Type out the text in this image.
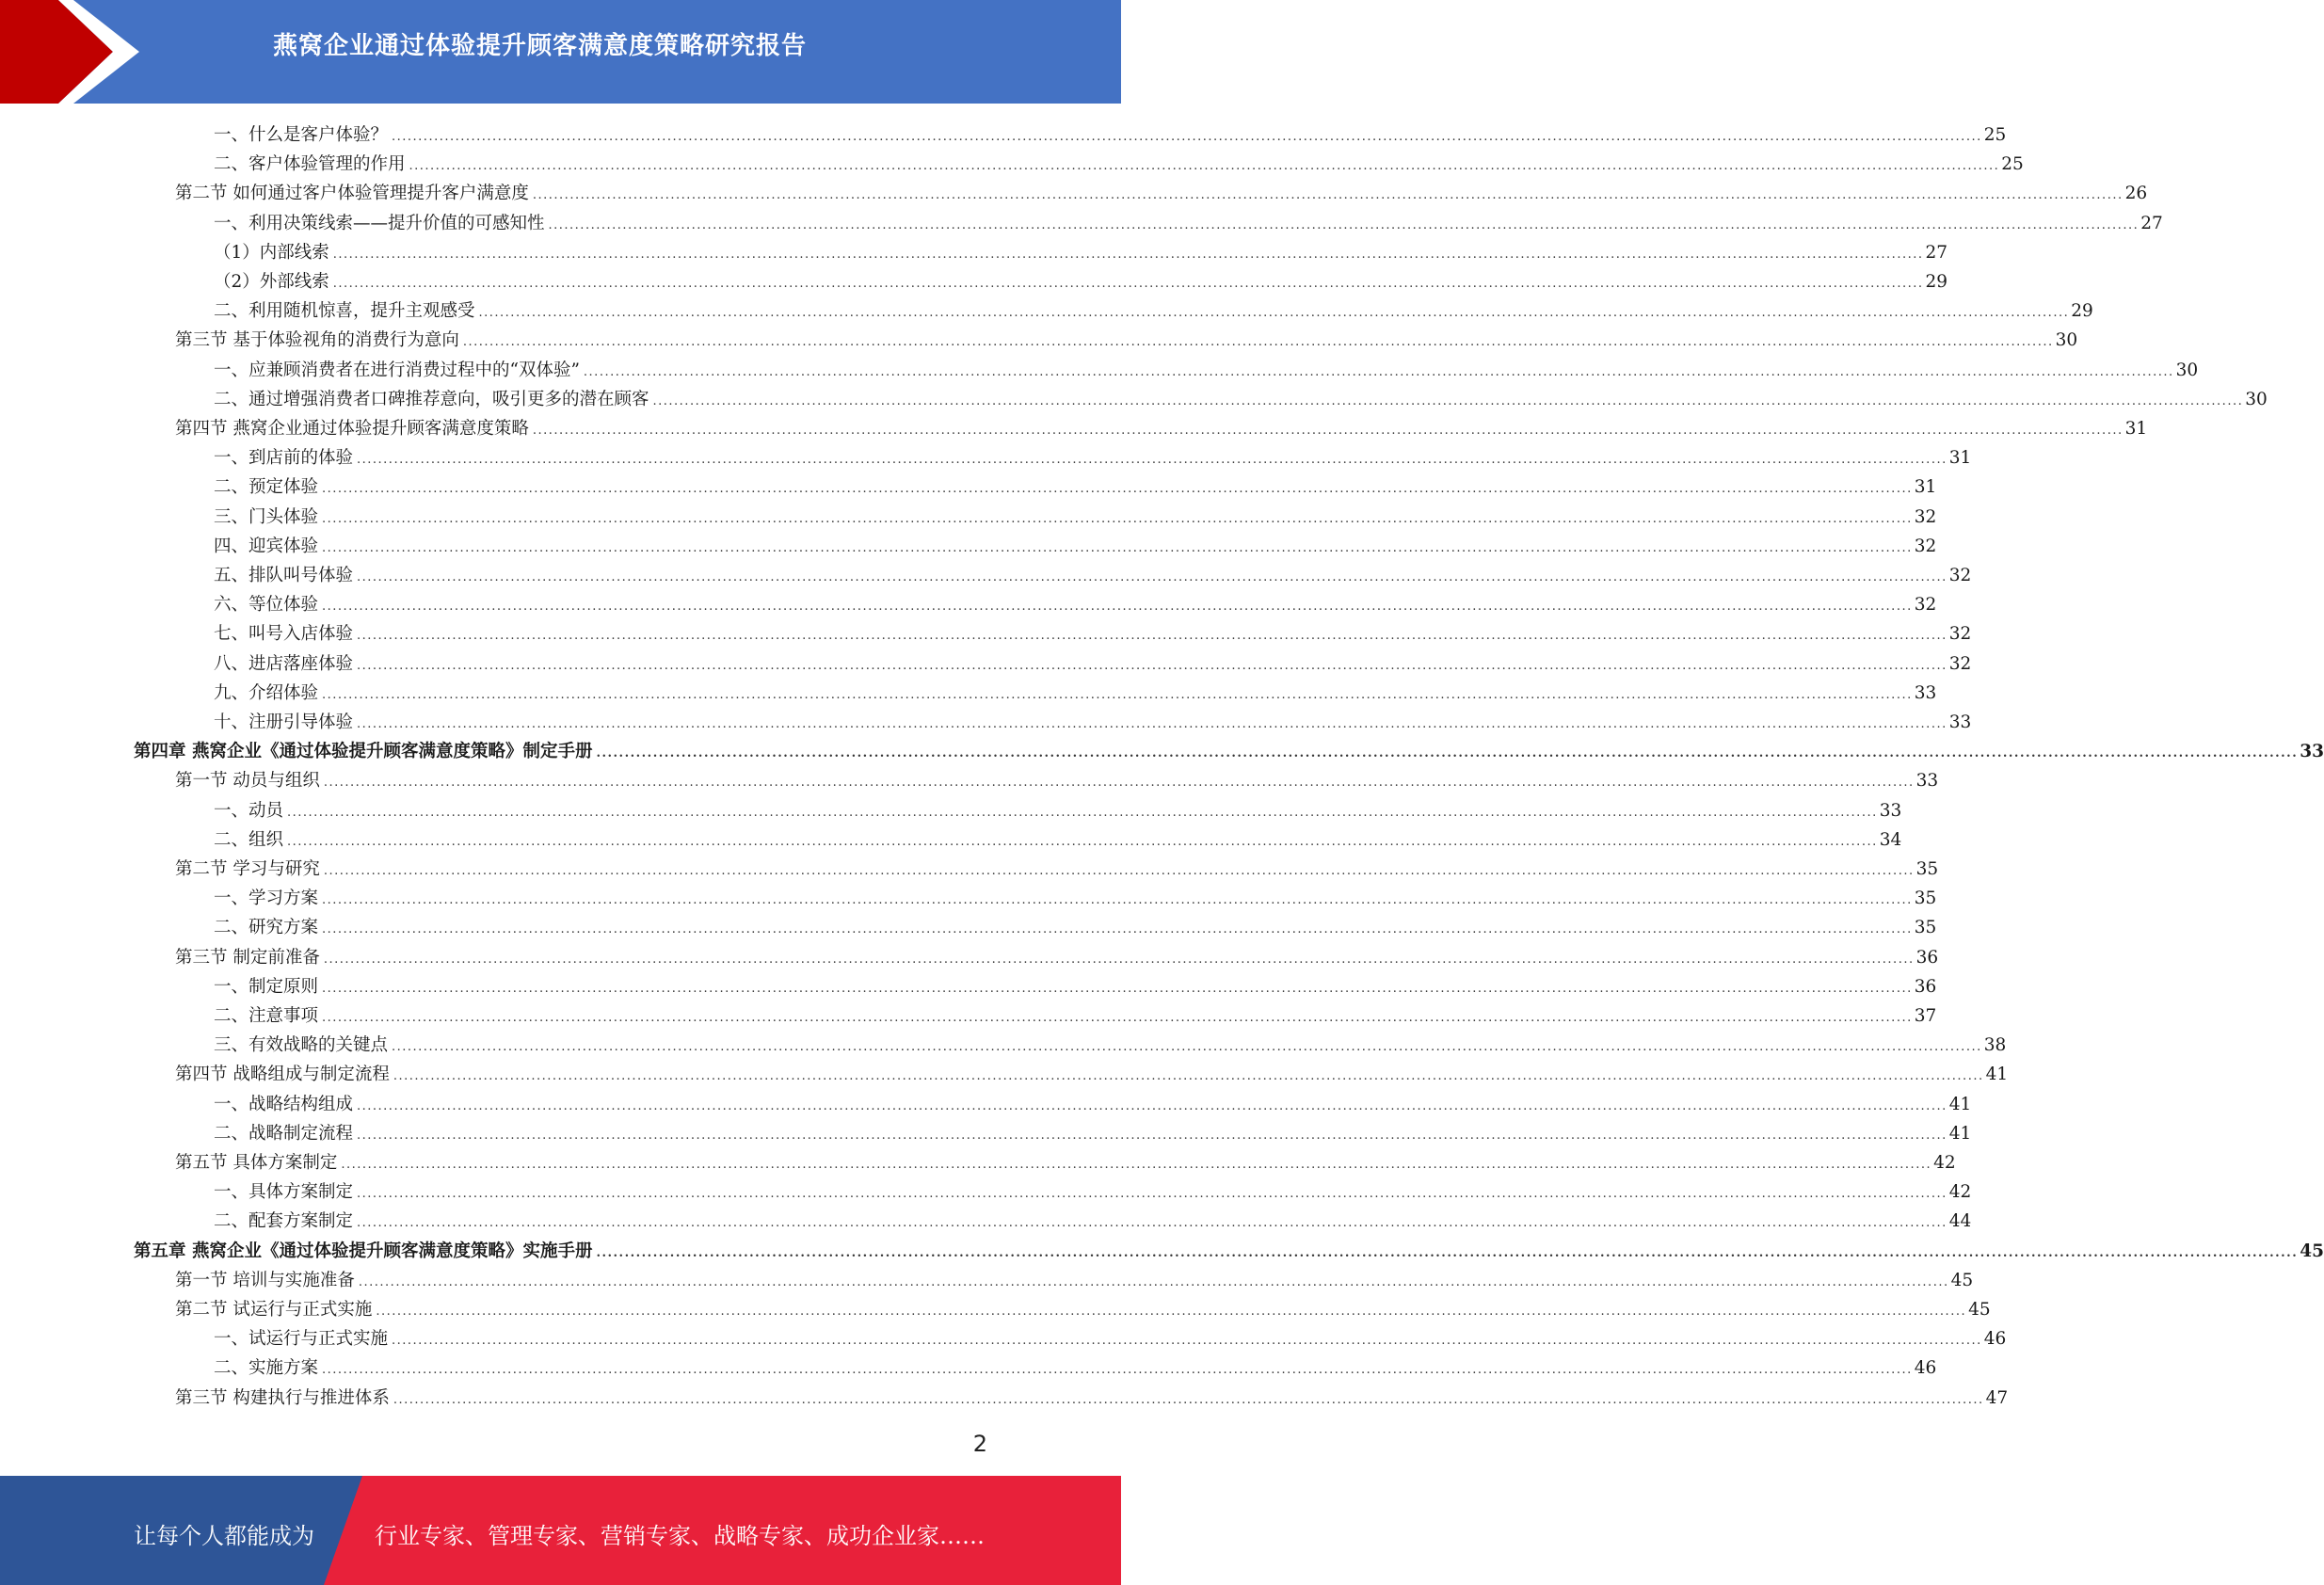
燕窝企业通过体验提升顾客满意度策略研究报告
一、什么是客户体验？ ............................................................................................................................................................................................................................................................................................................ 25
二、客户体验管理的作用 ............................................................................................................................................................................................................................................................................................................ 25
第二节 如何通过客户体验管理提升客户满意度 ............................................................................................................................................................................................................................................................................................................ 26
一、利用决策线索——提升价值的可感知性 ............................................................................................................................................................................................................................................................................................................ 27
（1）内部线索 ............................................................................................................................................................................................................................................................................................................ 27
（2）外部线索 ............................................................................................................................................................................................................................................................................................................ 29
二、利用随机惊喜，提升主观感受 ............................................................................................................................................................................................................................................................................................................ 29
第三节 基于体验视角的消费行为意向 ............................................................................................................................................................................................................................................................................................................ 30
一、应兼顾消费者在进行消费过程中的“双体验” ............................................................................................................................................................................................................................................................................................................ 30
二、通过增强消费者口碑推荐意向，吸引更多的潜在顾客 ............................................................................................................................................................................................................................................................................................................ 30
第四节 燕窝企业通过体验提升顾客满意度策略 ............................................................................................................................................................................................................................................................................................................ 31
一、到店前的体验 ............................................................................................................................................................................................................................................................................................................ 31
二、预定体验 ............................................................................................................................................................................................................................................................................................................ 31
三、门头体验 ............................................................................................................................................................................................................................................................................................................ 32
四、迎宾体验 ............................................................................................................................................................................................................................................................................................................ 32
五、排队叫号体验 ............................................................................................................................................................................................................................................................................................................ 32
六、等位体验 ............................................................................................................................................................................................................................................................................................................ 32
七、叫号入店体验 ............................................................................................................................................................................................................................................................................................................ 32
八、进店落座体验 ............................................................................................................................................................................................................................................................................................................ 32
九、介绍体验 ............................................................................................................................................................................................................................................................................................................ 33
十、注册引导体验 ............................................................................................................................................................................................................................................................................................................ 33
第四章 燕窝企业《通过体验提升顾客满意度策略》制定手册 ............................................................................................................................................................................................................................................................................................................ 33
第一节 动员与组织 ............................................................................................................................................................................................................................................................................................................ 33
一、动员 ............................................................................................................................................................................................................................................................................................................ 33
二、组织 ............................................................................................................................................................................................................................................................................................................ 34
第二节 学习与研究 ............................................................................................................................................................................................................................................................................................................ 35
一、学习方案 ............................................................................................................................................................................................................................................................................................................ 35
二、研究方案 ............................................................................................................................................................................................................................................................................................................ 35
第三节 制定前准备 ............................................................................................................................................................................................................................................................................................................ 36
一、制定原则 ............................................................................................................................................................................................................................................................................................................ 36
二、注意事项 ............................................................................................................................................................................................................................................................................................................ 37
三、有效战略的关键点 ............................................................................................................................................................................................................................................................................................................ 38
第四节 战略组成与制定流程 ............................................................................................................................................................................................................................................................................................................ 41
一、战略结构组成 ............................................................................................................................................................................................................................................................................................................ 41
二、战略制定流程 ............................................................................................................................................................................................................................................................................................................ 41
第五节 具体方案制定 ............................................................................................................................................................................................................................................................................................................ 42
一、具体方案制定 ............................................................................................................................................................................................................................................................................................................ 42
二、配套方案制定 ............................................................................................................................................................................................................................................................................................................ 44
第五章 燕窝企业《通过体验提升顾客满意度策略》实施手册 ............................................................................................................................................................................................................................................................................................................ 45
第一节 培训与实施准备 ............................................................................................................................................................................................................................................................................................................ 45
第二节 试运行与正式实施 ............................................................................................................................................................................................................................................................................................................ 45
一、试运行与正式实施 ............................................................................................................................................................................................................................................................................................................ 46
二、实施方案 ............................................................................................................................................................................................................................................................................................................ 46
第三节 构建执行与推进体系 ............................................................................................................................................................................................................................................................................................................ 47
2
让每个人都能成为	行业专家、管理专家、营销专家、战略专家、成功企业家……
